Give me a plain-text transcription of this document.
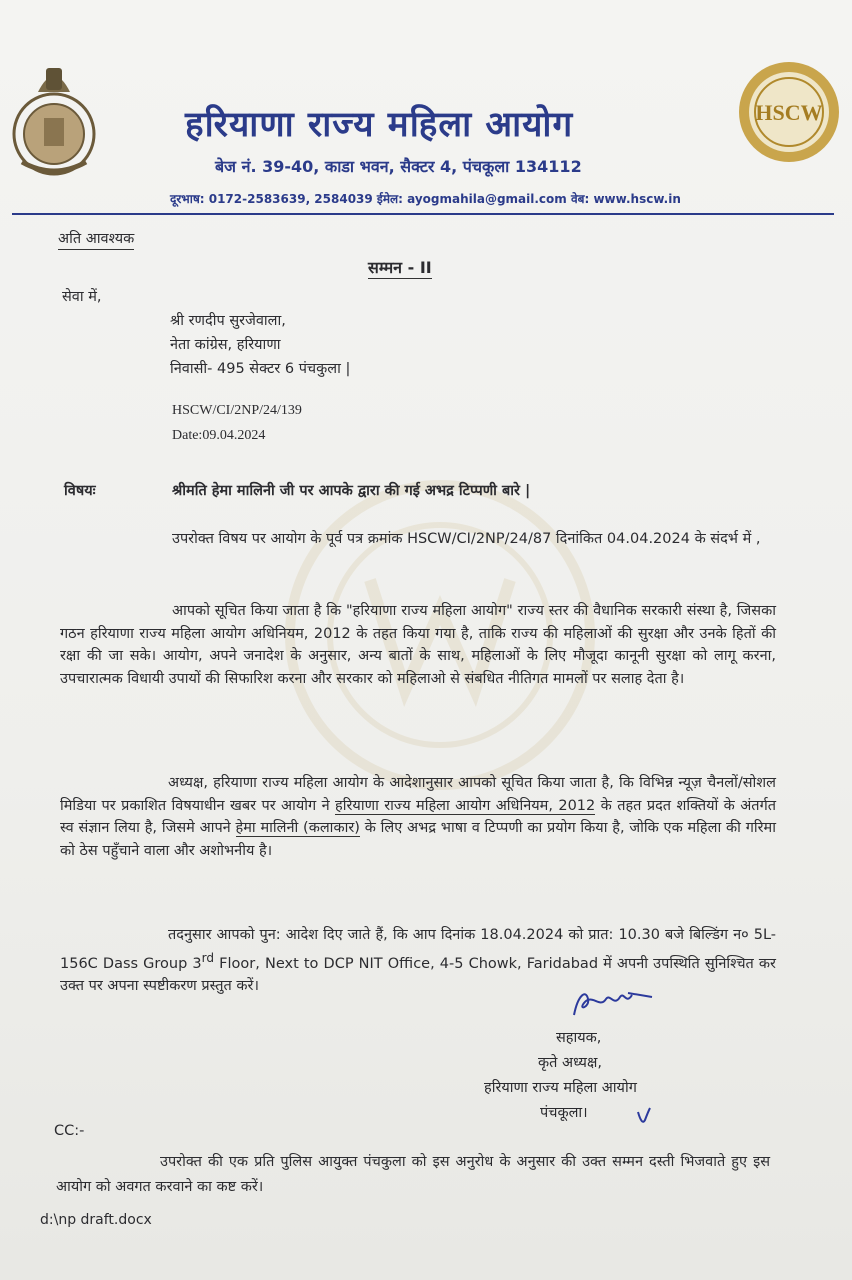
HSCW
हरियाणा राज्य महिला आयोग
बेज नं. 39-40, काडा भवन, सैक्टर 4, पंचकूला 134112
दूरभाष: 0172-2583639, 2584039 ईमेल: ayogmahila@gmail.com वेब: www.hscw.in
अति आवश्यक
सम्मन - II
सेवा में,
श्री रणदीप सुरजेवाला,
नेता कांग्रेस, हरियाणा
निवासी- 495 सेक्टर 6 पंचकुला |
HSCW/CI/2NP/24/139
Date:09.04.2024
विषयः	श्रीमति हेमा मालिनी जी पर आपके द्वारा की गई अभद्र टिप्पणी बारे |
उपरोक्त विषय पर आयोग के पूर्व पत्र क्रमांक HSCW/CI/2NP/24/87 दिनांकित 04.04.2024 के संदर्भ में ,
आपको सूचित किया जाता है कि "हरियाणा राज्य महिला आयोग" राज्य स्तर की वैधानिक सरकारी संस्था है, जिसका गठन हरियाणा राज्य महिला आयोग अधिनियम, 2012 के तहत किया गया है, ताकि राज्य की महिलाओं की सुरक्षा और उनके हितों की रक्षा की जा सके। आयोग, अपने जनादेश के अनुसार, अन्य बातों के साथ, महिलाओं के लिए मौजूदा कानूनी सुरक्षा को लागू करना, उपचारात्मक विधायी उपायों की सिफारिश करना और सरकार को महिलाओ से संबधित नीतिगत मामलों पर सलाह देता है।
अध्यक्ष, हरियाणा राज्य महिला आयोग के आदेशानुसार आपको सूचित किया जाता है, कि विभिन्न न्यूज़ चैनलों/सोशल मिडिया पर प्रकाशित विषयाधीन खबर पर आयोग ने हरियाणा राज्य महिला आयोग अधिनियम, 2012 के तहत प्रदत शक्तियों के अंतर्गत स्व संज्ञान लिया है, जिसमे आपने हेमा मालिनी (कलाकार) के लिए अभद्र भाषा व टिप्पणी का प्रयोग किया है, जोकि एक महिला की गरिमा को ठेस पहुँचाने वाला और अशोभनीय है।
तदनुसार आपको पुन: आदेश दिए जाते हैं, कि आप दिनांक 18.04.2024 को प्रात: 10.30 बजे बिल्डिंग न० 5L- 156C Dass Group 3rd Floor, Next to DCP NIT Office, 4-5 Chowk, Faridabad में अपनी उपस्थिति सुनिश्चित कर उक्त पर अपना स्पष्टीकरण प्रस्तुत करें।
सहायक,
कृते अध्यक्ष,
हरियाणा राज्य महिला आयोग
पंचकूला।
CC:-
उपरोक्त की एक प्रति पुलिस आयुक्त पंचकुला को इस अनुरोध के अनुसार की उक्त सम्मन दस्ती भिजवाते हुए इस आयोग को अवगत करवाने का कष्ट करें।
d:\np draft.docx
